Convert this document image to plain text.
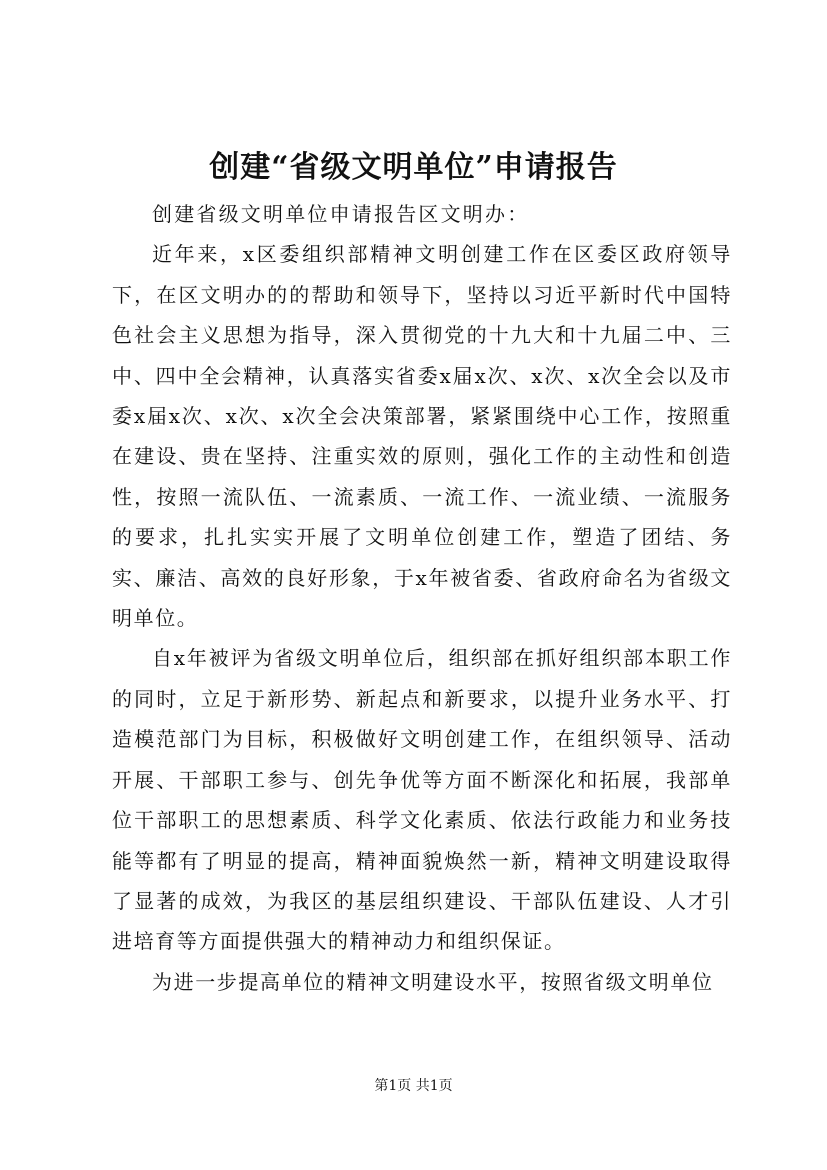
创建“省级文明单位”申请报告

创建省级文明单位申请报告区文明办：

近年来，x区委组织部精神文明创建工作在区委区政府领导下，在区文明办的的帮助和领导下，坚持以习近平新时代中国特色社会主义思想为指导，深入贯彻党的十九大和十九届二中、三中、四中全会精神，认真落实省委x届x次、x次、x次全会以及市委x届x次、x次、x次全会决策部署，紧紧围绕中心工作，按照重在建设、贵在坚持、注重实效的原则，强化工作的主动性和创造性，按照一流队伍、一流素质、一流工作、一流业绩、一流服务的要求，扎扎实实开展了文明单位创建工作，塑造了团结、务实、廉洁、高效的良好形象，于x年被省委、省政府命名为省级文明单位。

自x年被评为省级文明单位后，组织部在抓好组织部本职工作的同时，立足于新形势、新起点和新要求，以提升业务水平、打造模范部门为目标，积极做好文明创建工作，在组织领导、活动开展、干部职工参与、创先争优等方面不断深化和拓展，我部单位干部职工的思想素质、科学文化素质、依法行政能力和业务技能等都有了明显的提高，精神面貌焕然一新，精神文明建设取得了显著的成效，为我区的基层组织建设、干部队伍建设、人才引进培育等方面提供强大的精神动力和组织保证。

为进一步提高单位的精神文明建设水平，按照省级文明单位

第1页 共1页
